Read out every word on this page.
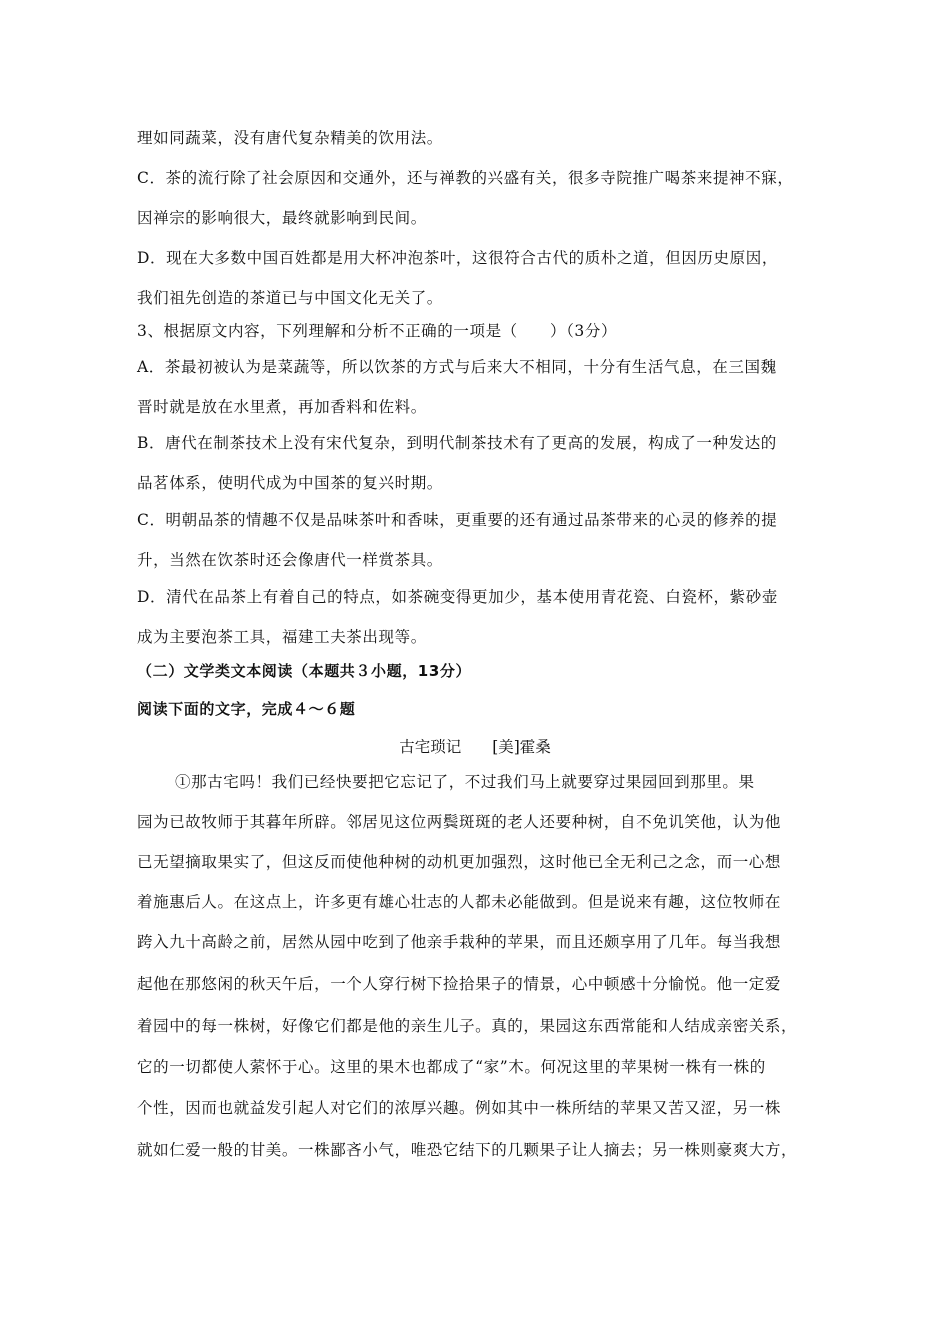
理如同蔬菜，没有唐代复杂精美的饮用法。
C．茶的流行除了社会原因和交通外，还与禅教的兴盛有关，很多寺院推广喝茶来提神不寐，
因禅宗的影响很大，最终就影响到民间。
D．现在大多数中国百姓都是用大杯冲泡茶叶，这很符合古代的质朴之道，但因历史原因，
我们祖先创造的茶道已与中国文化无关了。
3、根据原文内容，下列理解和分析不正确的一项是（　　）（3分）
A．茶最初被认为是菜蔬等，所以饮茶的方式与后来大不相同，十分有生活气息，在三国魏
晋时就是放在水里煮，再加香料和佐料。
B．唐代在制茶技术上没有宋代复杂，到明代制茶技术有了更高的发展，构成了一种发达的
品茗体系，使明代成为中国茶的复兴时期。
C．明朝品茶的情趣不仅是品味茶叶和香味，更重要的还有通过品茶带来的心灵的修养的提
升，当然在饮茶时还会像唐代一样赏茶具。
D．清代在品茶上有着自己的特点，如茶碗变得更加少，基本使用青花瓷、白瓷杯，紫砂壶
成为主要泡茶工具，福建工夫茶出现等。
（二）文学类文本阅读（本题共３小题，13分）
阅读下面的文字，完成４～６题
古宅琐记　　[美]霍桑
①那古宅吗！我们已经快要把它忘记了，不过我们马上就要穿过果园回到那里。果
园为已故牧师于其暮年所辟。邻居见这位两鬓斑斑的老人还要种树，自不免讥笑他，认为他
已无望摘取果实了，但这反而使他种树的动机更加强烈，这时他已全无利己之念，而一心想
着施惠后人。在这点上，许多更有雄心壮志的人都未必能做到。但是说来有趣，这位牧师在
跨入九十高龄之前，居然从园中吃到了他亲手栽种的苹果，而且还颇享用了几年。每当我想
起他在那悠闲的秋天午后，一个人穿行树下捡拾果子的情景，心中顿感十分愉悦。他一定爱
着园中的每一株树，好像它们都是他的亲生儿子。真的，果园这东西常能和人结成亲密关系，
它的一切都使人萦怀于心。这里的果木也都成了“家”木。何况这里的苹果树一株有一株的
个性，因而也就益发引起人对它们的浓厚兴趣。例如其中一株所结的苹果又苦又涩，另一株
就如仁爱一般的甘美。一株鄙吝小气，唯恐它结下的几颗果子让人摘去；另一株则豪爽大方，
